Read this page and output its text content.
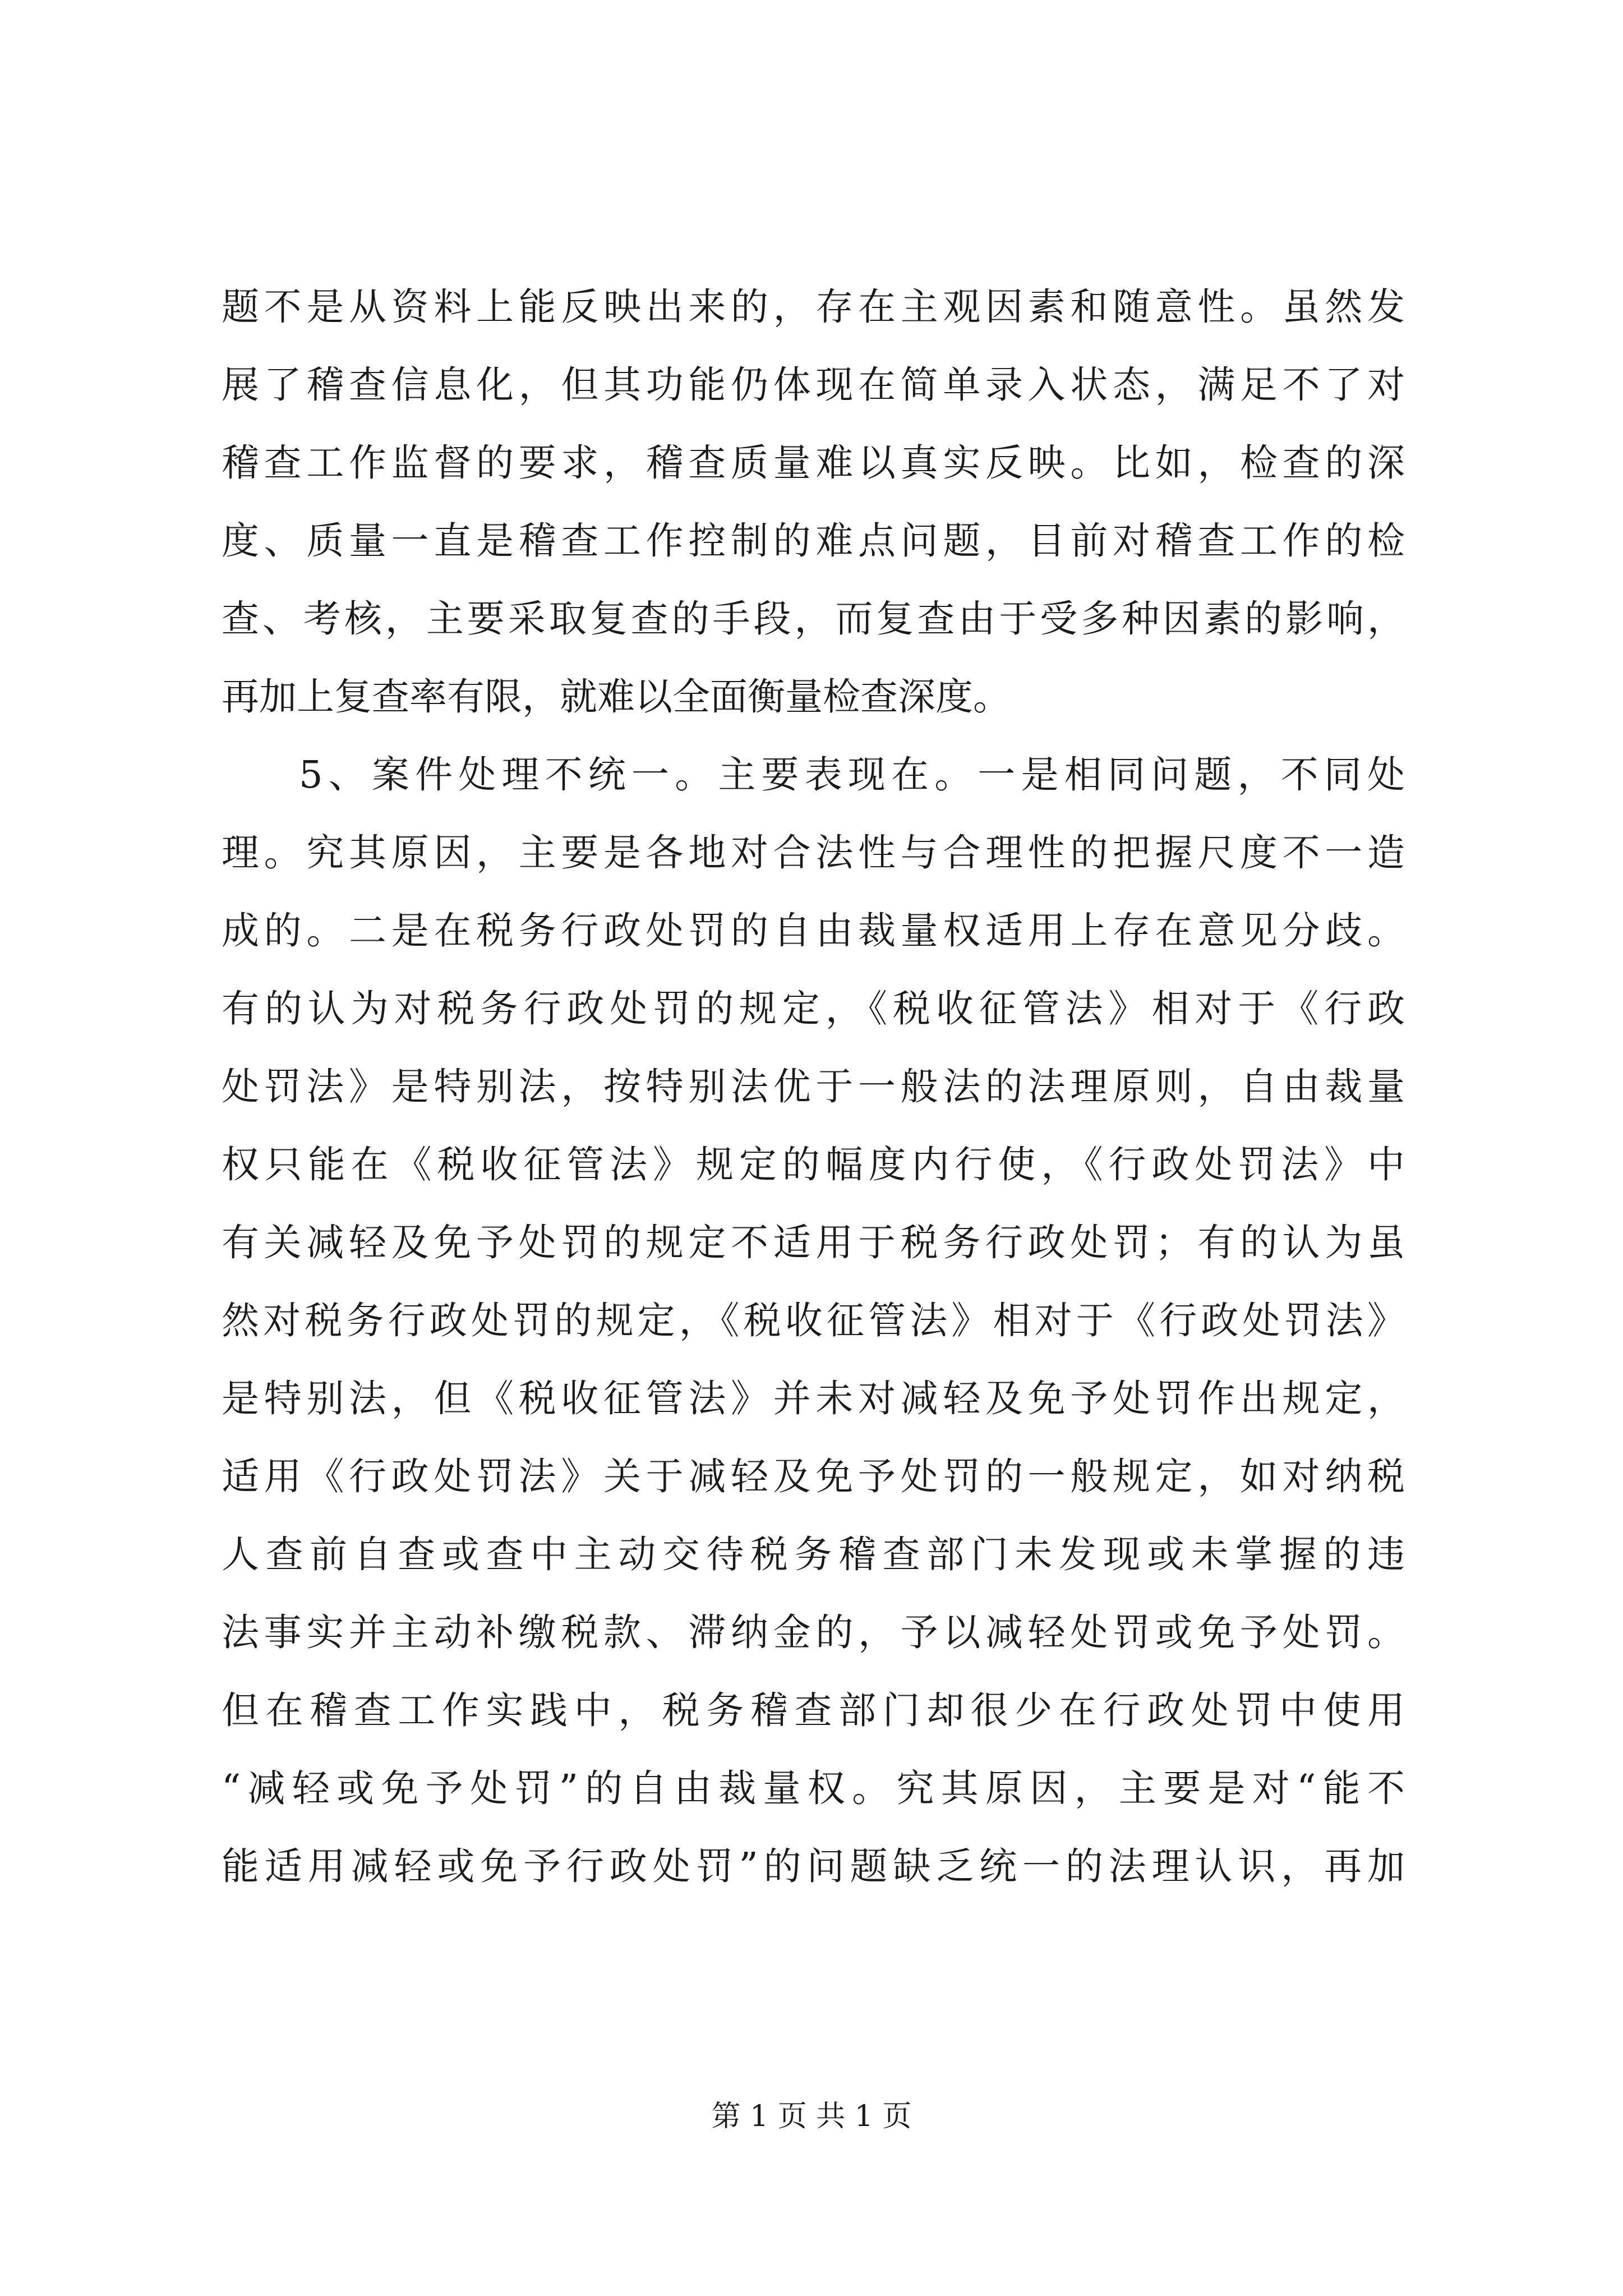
题不是从资料上能反映出来的，存在主观因素和随意性。虽然发
展了稽查信息化，但其功能仍体现在简单录入状态，满足不了对
稽查工作监督的要求，稽查质量难以真实反映。比如，检查的深
度、质量一直是稽查工作控制的难点问题，目前对稽查工作的检
查、考核，主要采取复查的手段，而复查由于受多种因素的影响，
再加上复查率有限，就难以全面衡量检查深度。
5、案件处理不统一。主要表现在。一是相同问题，不同处
理。究其原因，主要是各地对合法性与合理性的把握尺度不一造
成的。二是在税务行政处罚的自由裁量权适用上存在意见分歧。
有的认为对税务行政处罚的规定，《税收征管法》相对于《行政
处罚法》是特别法，按特别法优于一般法的法理原则，自由裁量
权只能在《税收征管法》规定的幅度内行使，《行政处罚法》中
有关减轻及免予处罚的规定不适用于税务行政处罚；有的认为虽
然对税务行政处罚的规定，《税收征管法》相对于《行政处罚法》
是特别法，但《税收征管法》并未对减轻及免予处罚作出规定，
适用《行政处罚法》关于减轻及免予处罚的一般规定，如对纳税
人查前自查或查中主动交待税务稽查部门未发现或未掌握的违
法事实并主动补缴税款、滞纳金的，予以减轻处罚或免予处罚。
但在稽查工作实践中，税务稽查部门却很少在行政处罚中使用
“减轻或免予处罚”的自由裁量权。究其原因，主要是对“能不
能适用减轻或免予行政处罚”的问题缺乏统一的法理认识，再加
第 1 页 共 1 页
